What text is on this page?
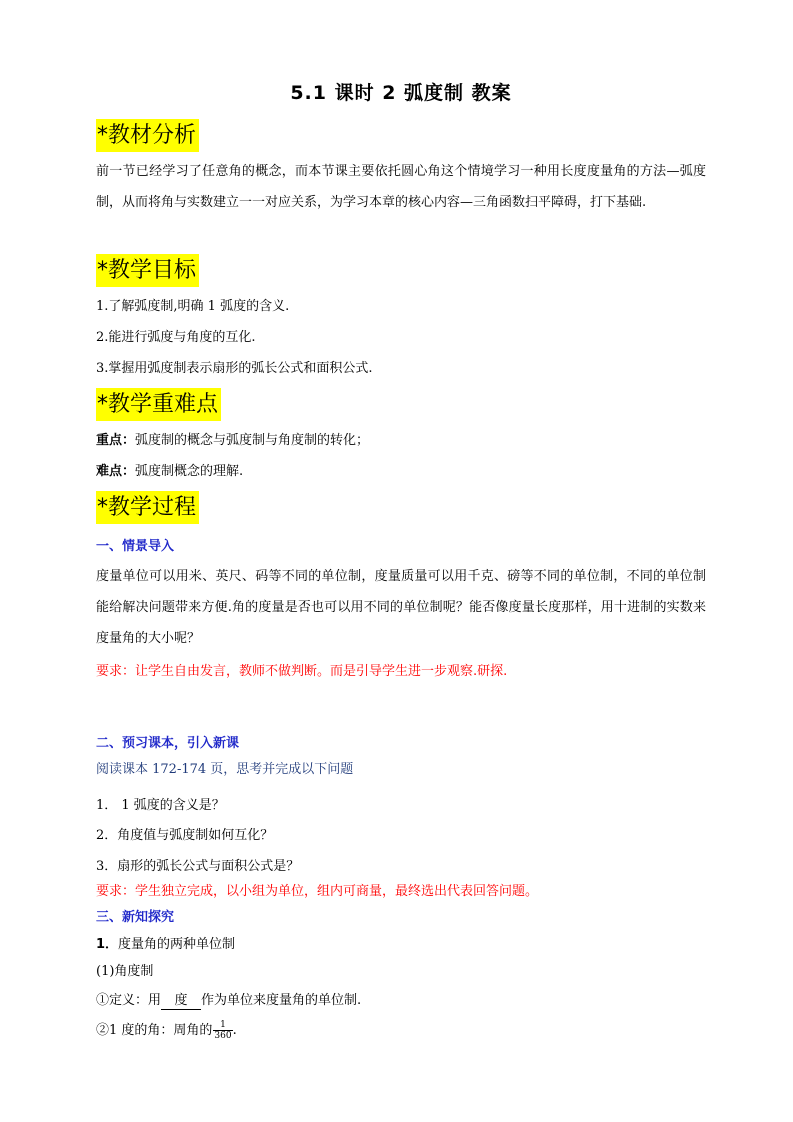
5.1 课时 2 弧度制 教案
*教材分析
前一节已经学习了任意角的概念，而本节课主要依托圆心角这个情境学习一种用长度度量角的方法—弧度制，从而将角与实数建立一一对应关系，为学习本章的核心内容—三角函数扫平障碍，打下基础.
*教学目标
1.了解弧度制,明确 1 弧度的含义.
2.能进行弧度与角度的互化.
3.掌握用弧度制表示扇形的弧长公式和面积公式.
*教学重难点
重点：弧度制的概念与弧度制与角度制的转化；
难点：弧度制概念的理解.
*教学过程
一、情景导入
度量单位可以用米、英尺、码等不同的单位制，度量质量可以用千克、磅等不同的单位制，不同的单位制能给解决问题带来方便.角的度量是否也可以用不同的单位制呢？能否像度量长度那样，用十进制的实数来度量角的大小呢？
要求：让学生自由发言，教师不做判断。而是引导学生进一步观察.研探.
二、预习课本，引入新课
阅读课本 172-174 页，思考并完成以下问题
1． 1 弧度的含义是？
2．角度值与弧度制如何互化？
3．扇形的弧长公式与面积公式是？
要求：学生独立完成，以小组为单位，组内可商量，最终选出代表回答问题。
三、新知探究
1．度量角的两种单位制
(1)角度制
①定义：用 度 作为单位来度量角的单位制.
②1 度的角：周角的 $\frac{1}{360}$ .
